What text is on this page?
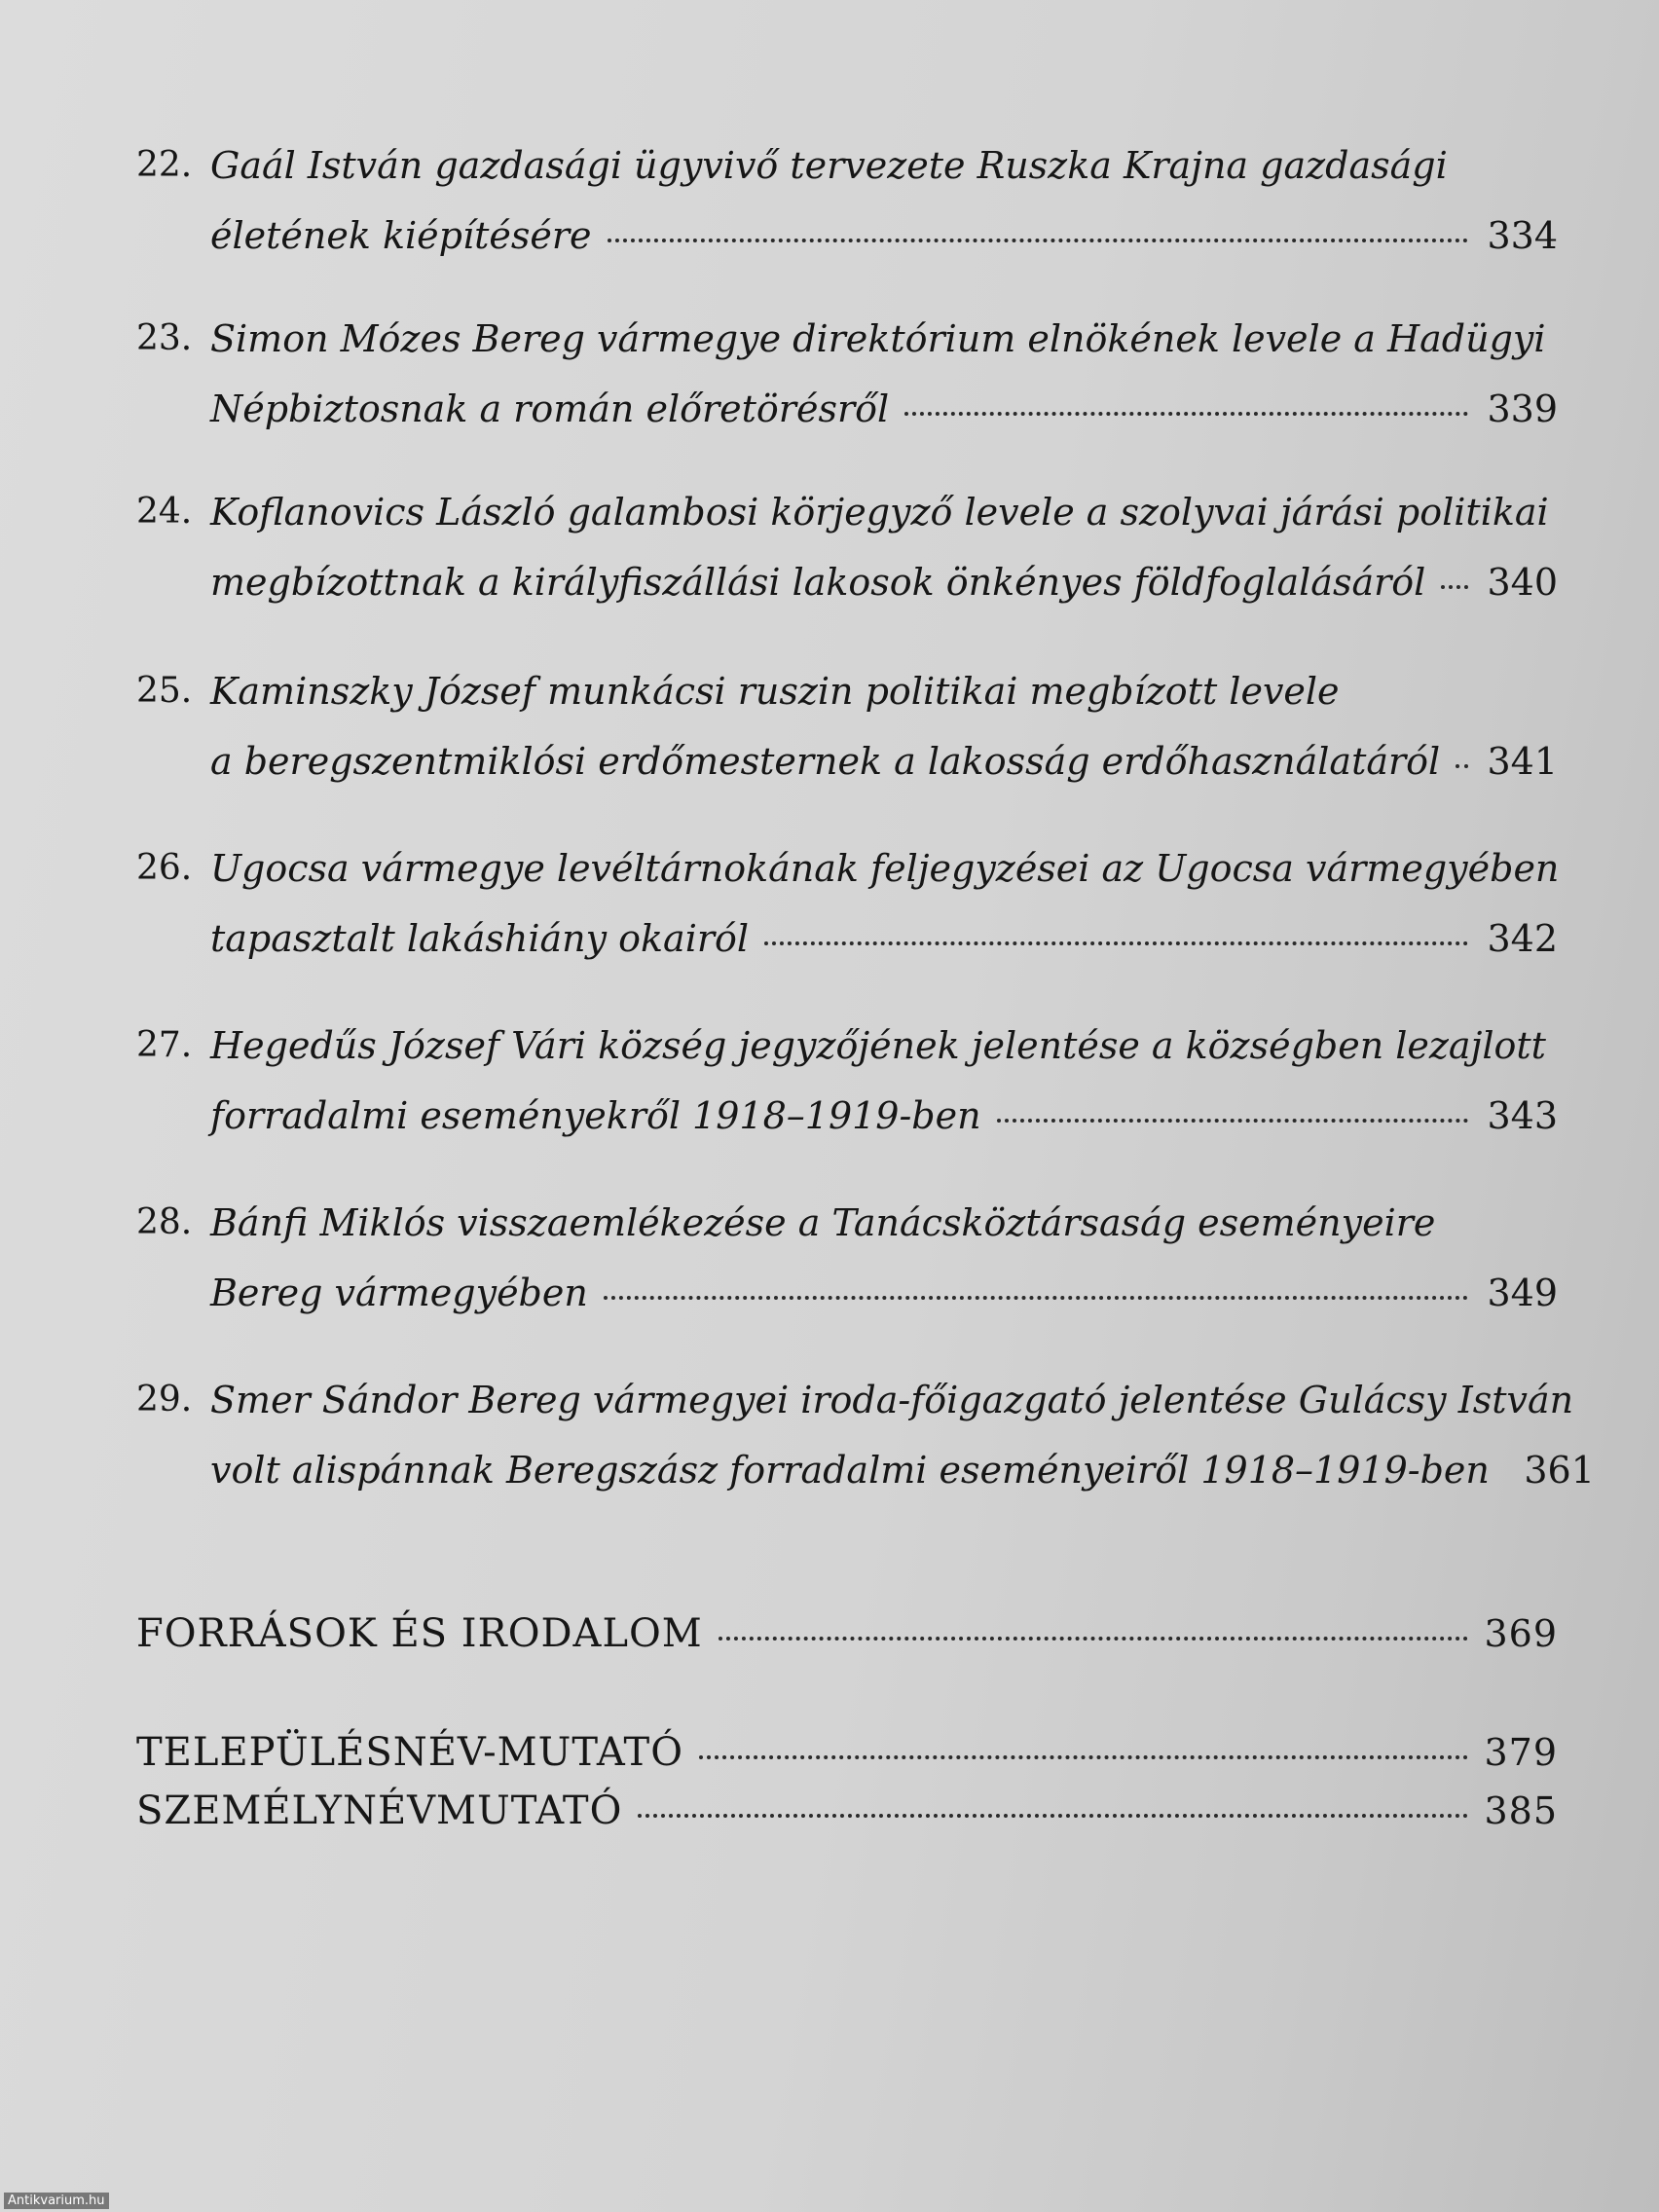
22. Gaál István gazdasági ügyvivő tervezete Ruszka Krajna gazdasági
életének kiépítésére	334
23. Simon Mózes Bereg vármegye direktórium elnökének levele a Hadügyi
Népbiztosnak a román előretörésről	339
24. Koflanovics László galambosi körjegyző levele a szolyvai járási politikai
megbízottnak a királyfiszállási lakosok önkényes földfoglalásáról 340
25. Kaminszky József munkácsi ruszin politikai megbízott levele
a beregszentmiklósi erdőmesternek a lakosság erdőhasználatáról 341
26. Ugocsa vármegye levéltárnokának feljegyzései az Ugocsa vármegyében
tapasztalt lakáshiány okairól	342
27. Hegedűs József Vári község jegyzőjének jelentése a községben lezajlott
forradalmi eseményekről 1918–1919-ben	343
28. Bánfi Miklós visszaemlékezése a Tanácsköztársaság eseményeire
Bereg vármegyében	349
29. Smer Sándor Bereg vármegyei iroda-főigazgató jelentése Gulácsy István
volt alispánnak Beregszász forradalmi eseményeiről 1918–1919-ben 361
FORRÁSOK ÉS IRODALOM	369
TELEPÜLÉSNÉV-MUTATÓ	379
SZEMÉLYNÉVMUTATÓ	385
Antikvarium.hu
